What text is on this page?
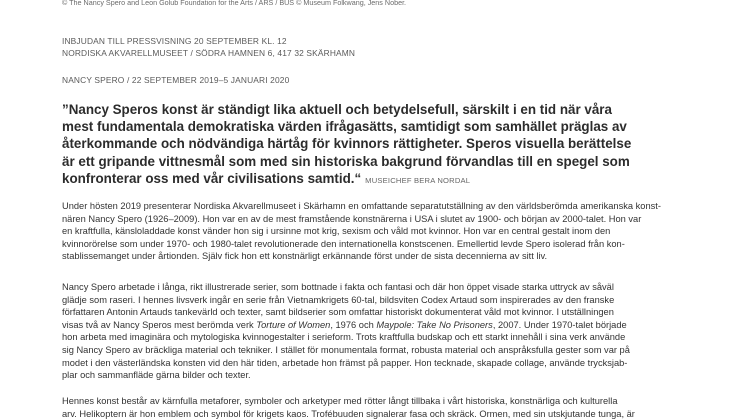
© The Nancy Spero and Leon Golub Foundation for the Arts / ARS / BUS © Museum Folkwang, Jens Nober.
INBJUDAN TILL PRESSVISNING 20 SEPTEMBER KL. 12
NORDISKA AKVARELLMUSEET / SÖDRA HAMNEN 6, 417 32 SKÄRHAMN
NANCY SPERO / 22 SEPTEMBER 2019–5 JANUARI 2020
”Nancy Speros konst är ständigt lika aktuell och betydelsefull, särskilt i en tid när våra
mest fundamentala demokratiska värden ifrågasätts, samtidigt som samhället präglas av
återkommande och nödvändiga härtåg för kvinnors rättigheter. Speros visuella berättelse
är ett gripande vittnesmål som med sin historiska bakgrund förvandlas till en spegel som
konfronterar oss med vår civilisations samtid.“ MUSEICHEF BERA NORDAL
Under hösten 2019 presenterar Nordiska Akvarellmuseet i Skärhamn en omfattande separatutställning av den världsberömda amerikanska konst-
nären Nancy Spero (1926–2009). Hon var en av de mest framstående konstnärerna i USA i slutet av 1900- och början av 2000-talet. Hon var
en kraftfulla, känsloladdade konst vänder hon sig i ursinne mot krig, sexism och våld mot kvinnor. Hon var en central gestalt inom den
kvinnorörelse som under 1970- och 1980-talet revolutionerade den internationella konstscenen. Emellertid levde Spero isolerad från kon-
stablissemanget under årtionden. Själv fick hon ett konstnärligt erkännande först under de sista decennierna av sitt liv.
Nancy Spero arbetade i långa, rikt illustrerade serier, som bottnade i fakta och fantasi och där hon öppet visade starka uttryck av såväl
glädje som raseri. I hennes livsverk ingår en serie från Vietnamkrigets 60-tal, bildsviten Codex Artaud som inspirerades av den franske
författaren Antonin Artauds tankevärld och texter, samt bildserier som omfattar historiskt dokumenterat våld mot kvinnor. I utställningen
visas två av Nancy Speros mest berömda verk Torture of Women, 1976 och Maypole: Take No Prisoners, 2007. Under 1970-talet började
hon arbeta med imaginära och mytologiska kvinnogestalter i serieform. Trots kraftfulla budskap och ett starkt innehåll i sina verk använde
sig Nancy Spero av bräckliga material och tekniker. I stället för monumentala format, robusta material och anspråksfulla gester som var på
modet i den västerländska konsten vid den här tiden, arbetade hon främst på papper. Hon tecknade, skapade collage, använde trycksjab-
plar och sammanfläde gärna bilder och texter.
Hennes konst består av kärnfulla metaforer, symboler och arketyper med rötter långt tillbaka i vårt historiska, konstnärliga och kulturella
arv. Helikoptern är hon emblem och symbol för krigets kaos. Trofébuuden signalerar fasa och skräck. Ormen, med sin utskjutande tunga, är
